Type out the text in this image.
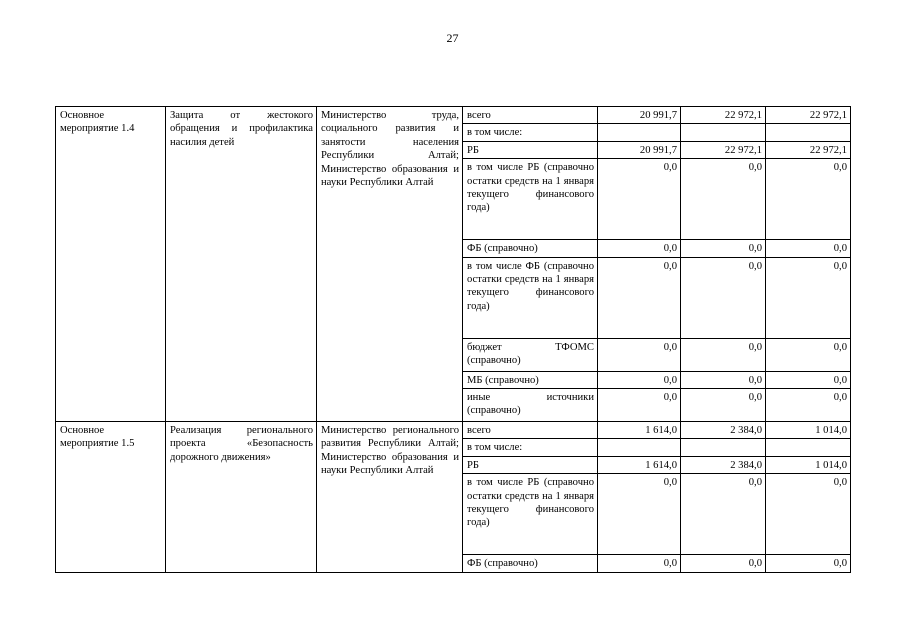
27
Основное мероприятие 1.4	Защита от жестокого обращения и профилактика насилия детей	Министерство труда, социального развития и занятости населения Республики Алтай; Министерство образования и науки Республики Алтай	всего	20 991,7	22 972,1	22 972,1
			в том числе:			
			РБ	20 991,7	22 972,1	22 972,1
			в том числе РБ (справочно остатки средств на 1 января текущего финансового года)	0,0	0,0	0,0
			ФБ (справочно)	0,0	0,0	0,0
			в том числе ФБ (справочно остатки средств на 1 января текущего финансового года)	0,0	0,0	0,0
			бюджет ТФОМС (справочно)	0,0	0,0	0,0
			МБ (справочно)	0,0	0,0	0,0
			иные источники (справочно)	0,0	0,0	0,0
Основное мероприятие 1.5	Реализация регионального проекта «Безопасность дорожного движения»	Министерство регионального развития Республики Алтай; Министерство образования и науки Республики Алтай	всего	1 614,0	2 384,0	1 014,0
			в том числе:			
			РБ	1 614,0	2 384,0	1 014,0
			в том числе РБ (справочно остатки средств на 1 января текущего финансового года)	0,0	0,0	0,0
			ФБ (справочно)	0,0	0,0	0,0
